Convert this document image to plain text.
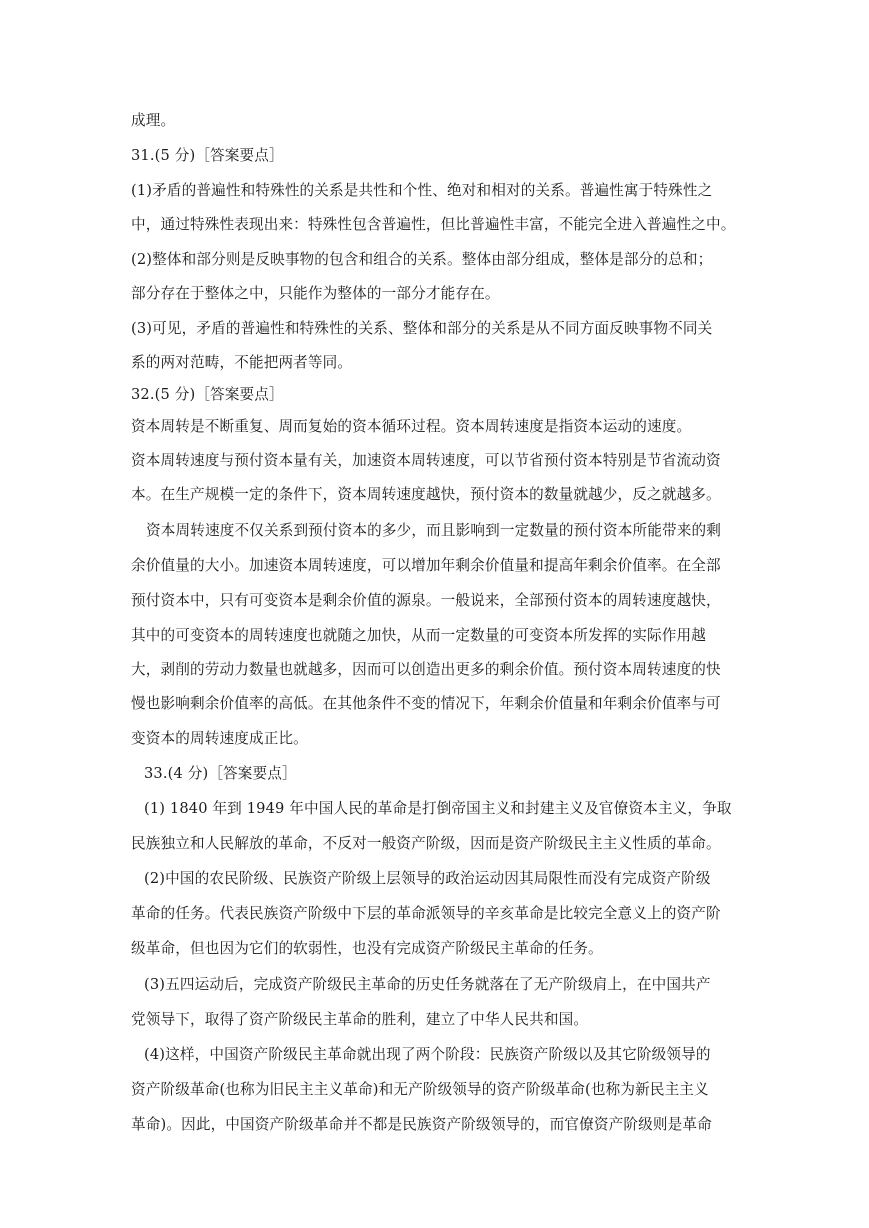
成理。
31.(5 分)［答案要点］
(1)矛盾的普遍性和特殊性的关系是共性和个性、绝对和相对的关系。普遍性寓于特殊性之
中，通过特殊性表现出来：特殊性包含普遍性，但比普遍性丰富，不能完全进入普遍性之中。
(2)整体和部分则是反映事物的包含和组合的关系。整体由部分组成，整体是部分的总和；
部分存在于整体之中，只能作为整体的一部分才能存在。
(3)可见，矛盾的普遍性和特殊性的关系、整体和部分的关系是从不同方面反映事物不同关
系的两对范畴，不能把两者等同。
32.(5 分)［答案要点］
资本周转是不断重复、周而复始的资本循环过程。资本周转速度是指资本运动的速度。
资本周转速度与预付资本量有关，加速资本周转速度，可以节省预付资本特别是节省流动资
本。在生产规模一定的条件下，资本周转速度越快，预付资本的数量就越少，反之就越多。
资本周转速度不仅关系到预付资本的多少，而且影响到一定数量的预付资本所能带来的剩
余价值量的大小。加速资本周转速度，可以增加年剩余价值量和提高年剩余价值率。在全部
预付资本中，只有可变资本是剩余价值的源泉。一般说来，全部预付资本的周转速度越快，
其中的可变资本的周转速度也就随之加快，从而一定数量的可变资本所发挥的实际作用越
大，剥削的劳动力数量也就越多，因而可以创造出更多的剩余价值。预付资本周转速度的快
慢也影响剩余价值率的高低。在其他条件不变的情况下，年剩余价值量和年剩余价值率与可
变资本的周转速度成正比。
33.(4 分)［答案要点］
(1) 1840 年到 1949 年中国人民的革命是打倒帝国主义和封建主义及官僚资本主义，争取
民族独立和人民解放的革命，不反对一般资产阶级，因而是资产阶级民主主义性质的革命。
(2)中国的农民阶级、民族资产阶级上层领导的政治运动因其局限性而没有完成资产阶级
革命的任务。代表民族资产阶级中下层的革命派领导的辛亥革命是比较完全意义上的资产阶
级革命，但也因为它们的软弱性，也没有完成资产阶级民主革命的任务。
(3)五四运动后，完成资产阶级民主革命的历史任务就落在了无产阶级肩上，在中国共产
党领导下，取得了资产阶级民主革命的胜利，建立了中华人民共和国。
(4)这样，中国资产阶级民主革命就出现了两个阶段：民族资产阶级以及其它阶级领导的
资产阶级革命(也称为旧民主主义革命)和无产阶级领导的资产阶级革命(也称为新民主主义
革命)。因此，中国资产阶级革命并不都是民族资产阶级领导的，而官僚资产阶级则是革命
